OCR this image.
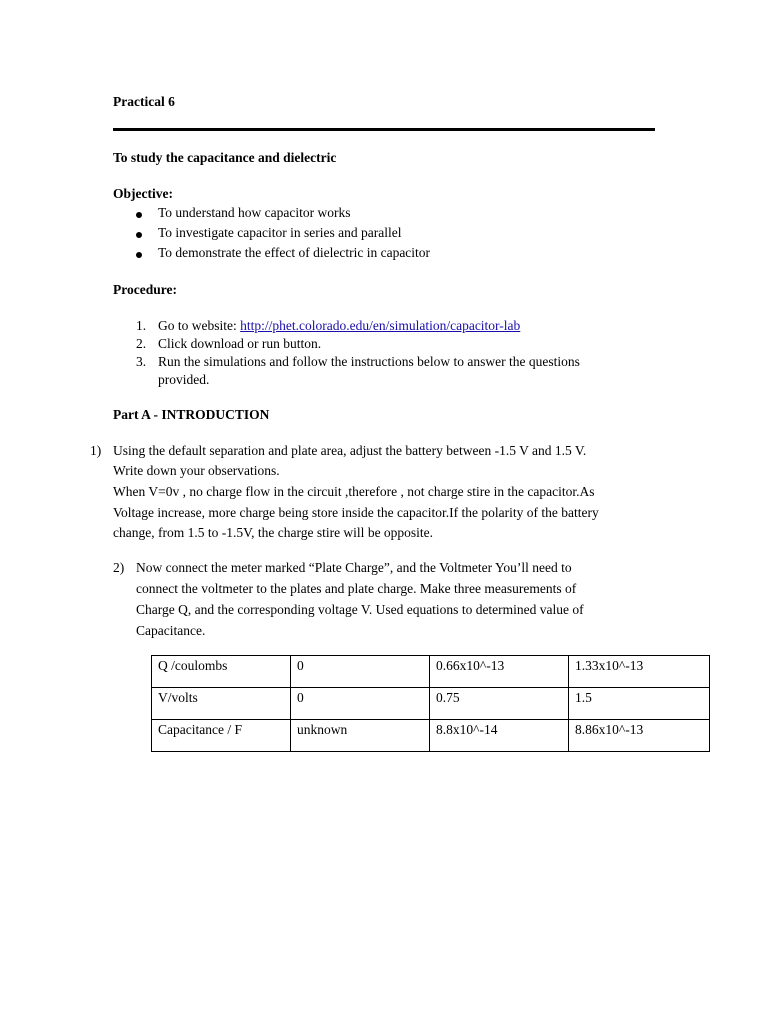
Practical 6
To study the capacitance and dielectric
Objective:
To understand how capacitor works
To investigate capacitor in series and parallel
To demonstrate the effect of dielectric in capacitor
Procedure:
1. Go to website: http://phet.colorado.edu/en/simulation/capacitor-lab
2. Click download or run button.
3. Run the simulations and follow the instructions below to answer the questions
provided.
Part A - INTRODUCTION
1) Using the default separation and plate area, adjust the battery between -1.5 V and 1.5 V.
Write down your observations.
When V=0v , no charge flow in the circuit ,therefore , not charge stire in the capacitor.As
Voltage increase, more charge being store inside the capacitor.If the polarity of the battery
change, from 1.5 to -1.5V, the charge stire will be opposite.
2) Now connect the meter marked “Plate Charge”, and the Voltmeter You’ll need to
connect the voltmeter to the plates and plate charge. Make three measurements of
Charge Q, and the corresponding voltage V. Used equations to determined value of
Capacitance.
Q /coulombs	0	0.66x10^-13	1.33x10^-13
V/volts	0	0.75	1.5
Capacitance / F	unknown	8.8x10^-14	8.86x10^-13
